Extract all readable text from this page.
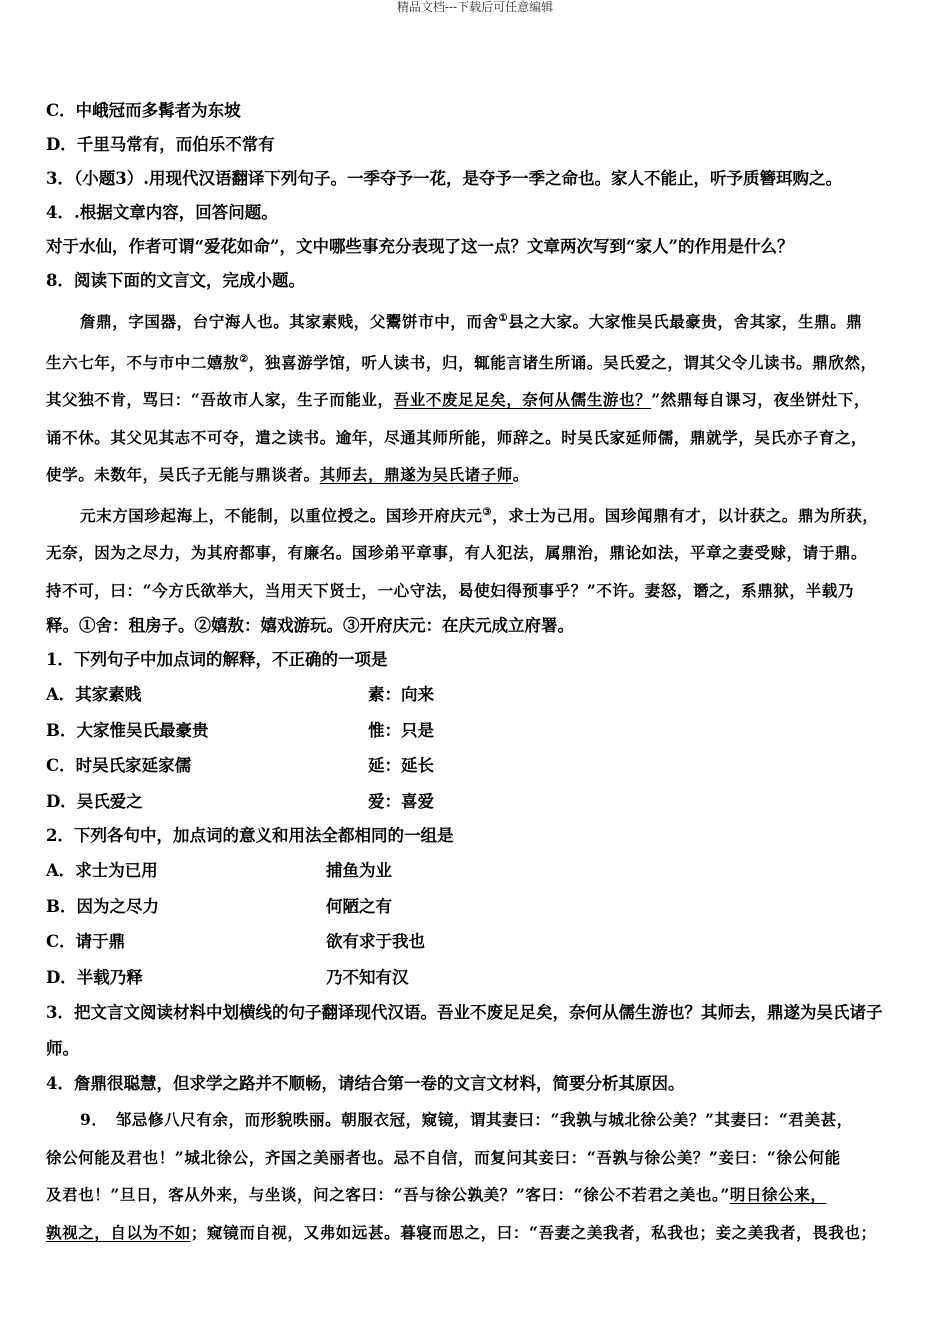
精品文档---下载后可任意编辑
C．中峨冠而多髯者为东坡
D．千里马常有，而伯乐不常有
3．（小题3）.用现代汉语翻译下列句子。一季夺予一花，是夺予一季之命也。家人不能止，听予质簪珥购之。
4．.根据文章内容，回答问题。
对于水仙，作者可谓“爱花如命”，文中哪些事充分表现了这一点？文章两次写到“家人”的作用是什么？
8．阅读下面的文言文，完成小题。
詹鼎，字国器，台宁海人也。其家素贱，父鬻饼市中，而舍①县之大家。大家惟吴氏最豪贵，舍其家，生鼎。鼎
生六七年，不与市中二嬉敖②，独喜游学馆，听人读书，归，辄能言诸生所诵。吴氏爱之，谓其父令儿读书。鼎欣然，
其父独不肯，骂曰：“吾故市人家，生子而能业，吾业不废足足矣，奈何从儒生游也？”然鼎每自课习，夜坐饼灶下，
诵不休。其父见其志不可夺，遣之读书。逾年，尽通其师所能，师辞之。时吴氏家延师儒，鼎就学，吴氏亦子育之，
使学。未数年，吴氏子无能与鼎谈者。其师去，鼎遂为吴氏诸子师。
元末方国珍起海上，不能制，以重位授之。国珍开府庆元③，求士为己用。国珍闻鼎有才，以计获之。鼎为所获，
无奈，因为之尽力，为其府都事，有廉名。国珍弟平章事，有人犯法，属鼎治，鼎论如法，平章之妻受赇，请于鼎。
持不可，曰：“今方氏欲举大，当用天下贤士，一心守法，曷使妇得预事乎？”不许。妻怒，谮之，系鼎狱，半载乃
释。①舍：租房子。②嬉敖：嬉戏游玩。③开府庆元：在庆元成立府署。
1．下列句子中加点词的解释，不正确的一项是
A．其家素贱	素：向来
B．大家惟吴氏最豪贵	惟：只是
C．时吴氏家延家儒	延：延长
D．吴氏爱之	爱：喜爱
2．下列各句中，加点词的意义和用法全都相同的一组是
A．求士为已用	捕鱼为业
B．因为之尽力	何陋之有
C．请于鼎	欲有求于我也
D．半载乃释	乃不知有汉
3．把文言文阅读材料中划横线的句子翻译现代汉语。吾业不废足足矣，奈何从儒生游也？其师去，鼎遂为吴氏诸子
师。
4．詹鼎很聪慧，但求学之路并不顺畅，请结合第一卷的文言文材料，简要分析其原因。
9．　邹忌修八尺有余，而形貌昳丽。朝服衣冠，窥镜，谓其妻曰：“我孰与城北徐公美？”其妻曰：“君美甚，
徐公何能及君也！”城北徐公，齐国之美丽者也。忌不自信，而复问其妾曰：“吾孰与徐公美？”妾曰：“徐公何能
及君也！”旦日，客从外来，与坐谈，问之客曰：“吾与徐公孰美？”客曰：“徐公不若君之美也。”明日徐公来，
孰视之，自以为不如；窥镜而自视，又弗如远甚。暮寝而思之，曰：“吾妻之美我者，私我也；妾之美我者，畏我也；
